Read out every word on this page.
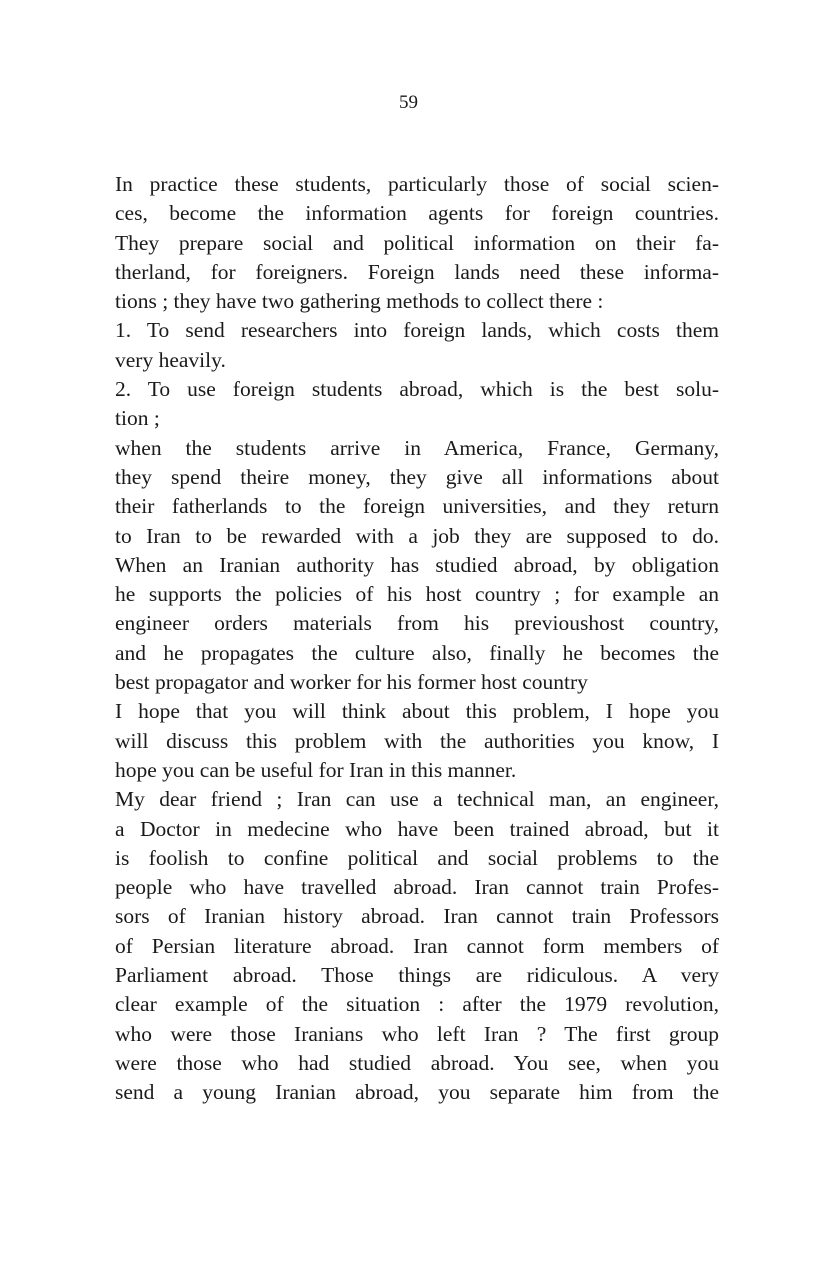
59
In practice these students, particularly those of social scien-
ces, become the information agents for foreign countries.
They prepare social and political information on their fa-
therland, for foreigners. Foreign lands need these informa-
tions ; they have two gathering methods to collect there :
1. To send researchers into foreign lands, which costs them
very heavily.
2. To use foreign students abroad, which is the best solu-
tion ;
when the students arrive in America, France, Germany,
they spend theire money, they give all informations about
their fatherlands to the foreign universities, and they return
to Iran to be rewarded with a job they are supposed to do.
When an Iranian authority has studied abroad, by obligation
he supports the policies of his host country ; for example an
engineer orders materials from his previoushost country,
and he propagates the culture also, finally he becomes the
best propagator and worker for his former host country
I hope that you will think about this problem, I hope you
will discuss this problem with the authorities you know, I
hope you can be useful for Iran in this manner.
My dear friend ; Iran can use a technical man, an engineer,
a Doctor in medecine who have been trained abroad, but it
is foolish to confine political and social problems to the
people who have travelled abroad. Iran cannot train Profes-
sors of Iranian history abroad. Iran cannot train Professors
of Persian literature abroad. Iran cannot form members of
Parliament abroad. Those things are ridiculous. A very
clear example of the situation : after the 1979 revolution,
who were those Iranians who left Iran ? The first group
were those who had studied abroad. You see, when you
send a young Iranian abroad, you separate him from the
